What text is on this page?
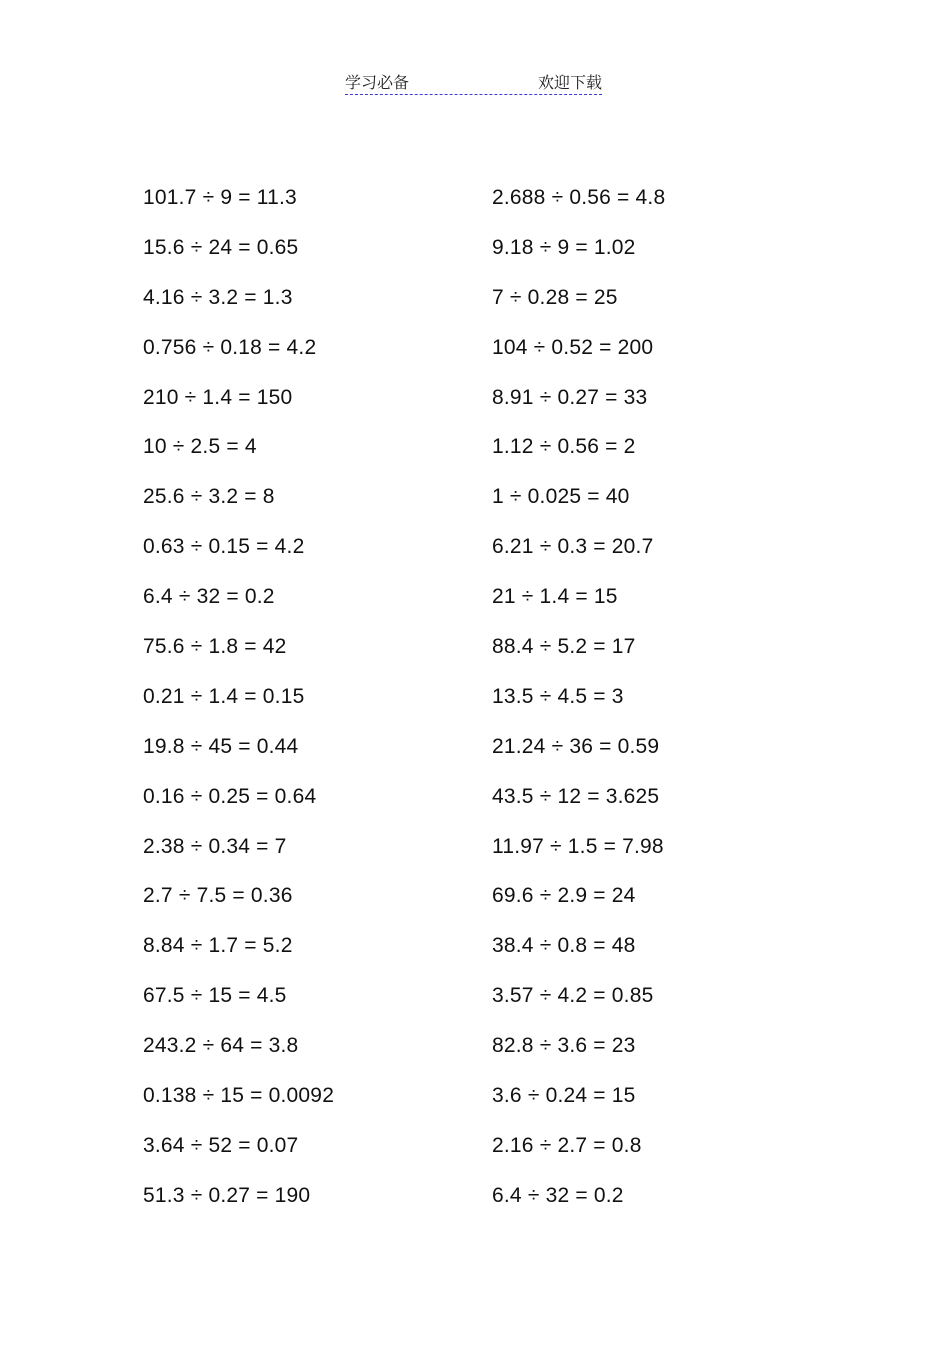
学习必备	欢迎下载
101.7 ÷ 9 = 11.3
15.6 ÷ 24 = 0.65
4.16 ÷ 3.2 = 1.3
0.756 ÷ 0.18 = 4.2
210 ÷ 1.4 = 150
10 ÷ 2.5 = 4
25.6 ÷ 3.2 = 8
0.63 ÷ 0.15 = 4.2
6.4 ÷ 32 = 0.2
75.6 ÷ 1.8 = 42
0.21 ÷ 1.4 = 0.15
19.8 ÷ 45 = 0.44
0.16 ÷ 0.25 = 0.64
2.38 ÷ 0.34 = 7
2.7 ÷ 7.5 = 0.36
8.84 ÷ 1.7 = 5.2
67.5 ÷ 15 = 4.5
243.2 ÷ 64 = 3.8
0.138 ÷ 15 = 0.0092
3.64 ÷ 52 = 0.07
51.3 ÷ 0.27 = 190
2.688 ÷ 0.56 = 4.8
9.18 ÷ 9 = 1.02
7 ÷ 0.28 = 25
104 ÷ 0.52 = 200
8.91 ÷ 0.27 = 33
1.12 ÷ 0.56 = 2
1 ÷ 0.025 = 40
6.21 ÷ 0.3 = 20.7
21 ÷ 1.4 = 15
88.4 ÷ 5.2 = 17
13.5 ÷ 4.5 = 3
21.24 ÷ 36 = 0.59
43.5 ÷ 12 = 3.625
11.97 ÷ 1.5 = 7.98
69.6 ÷ 2.9 = 24
38.4 ÷ 0.8 = 48
3.57 ÷ 4.2 = 0.85
82.8 ÷ 3.6 = 23
3.6 ÷ 0.24 = 15
2.16 ÷ 2.7 = 0.8
6.4 ÷ 32 = 0.2
